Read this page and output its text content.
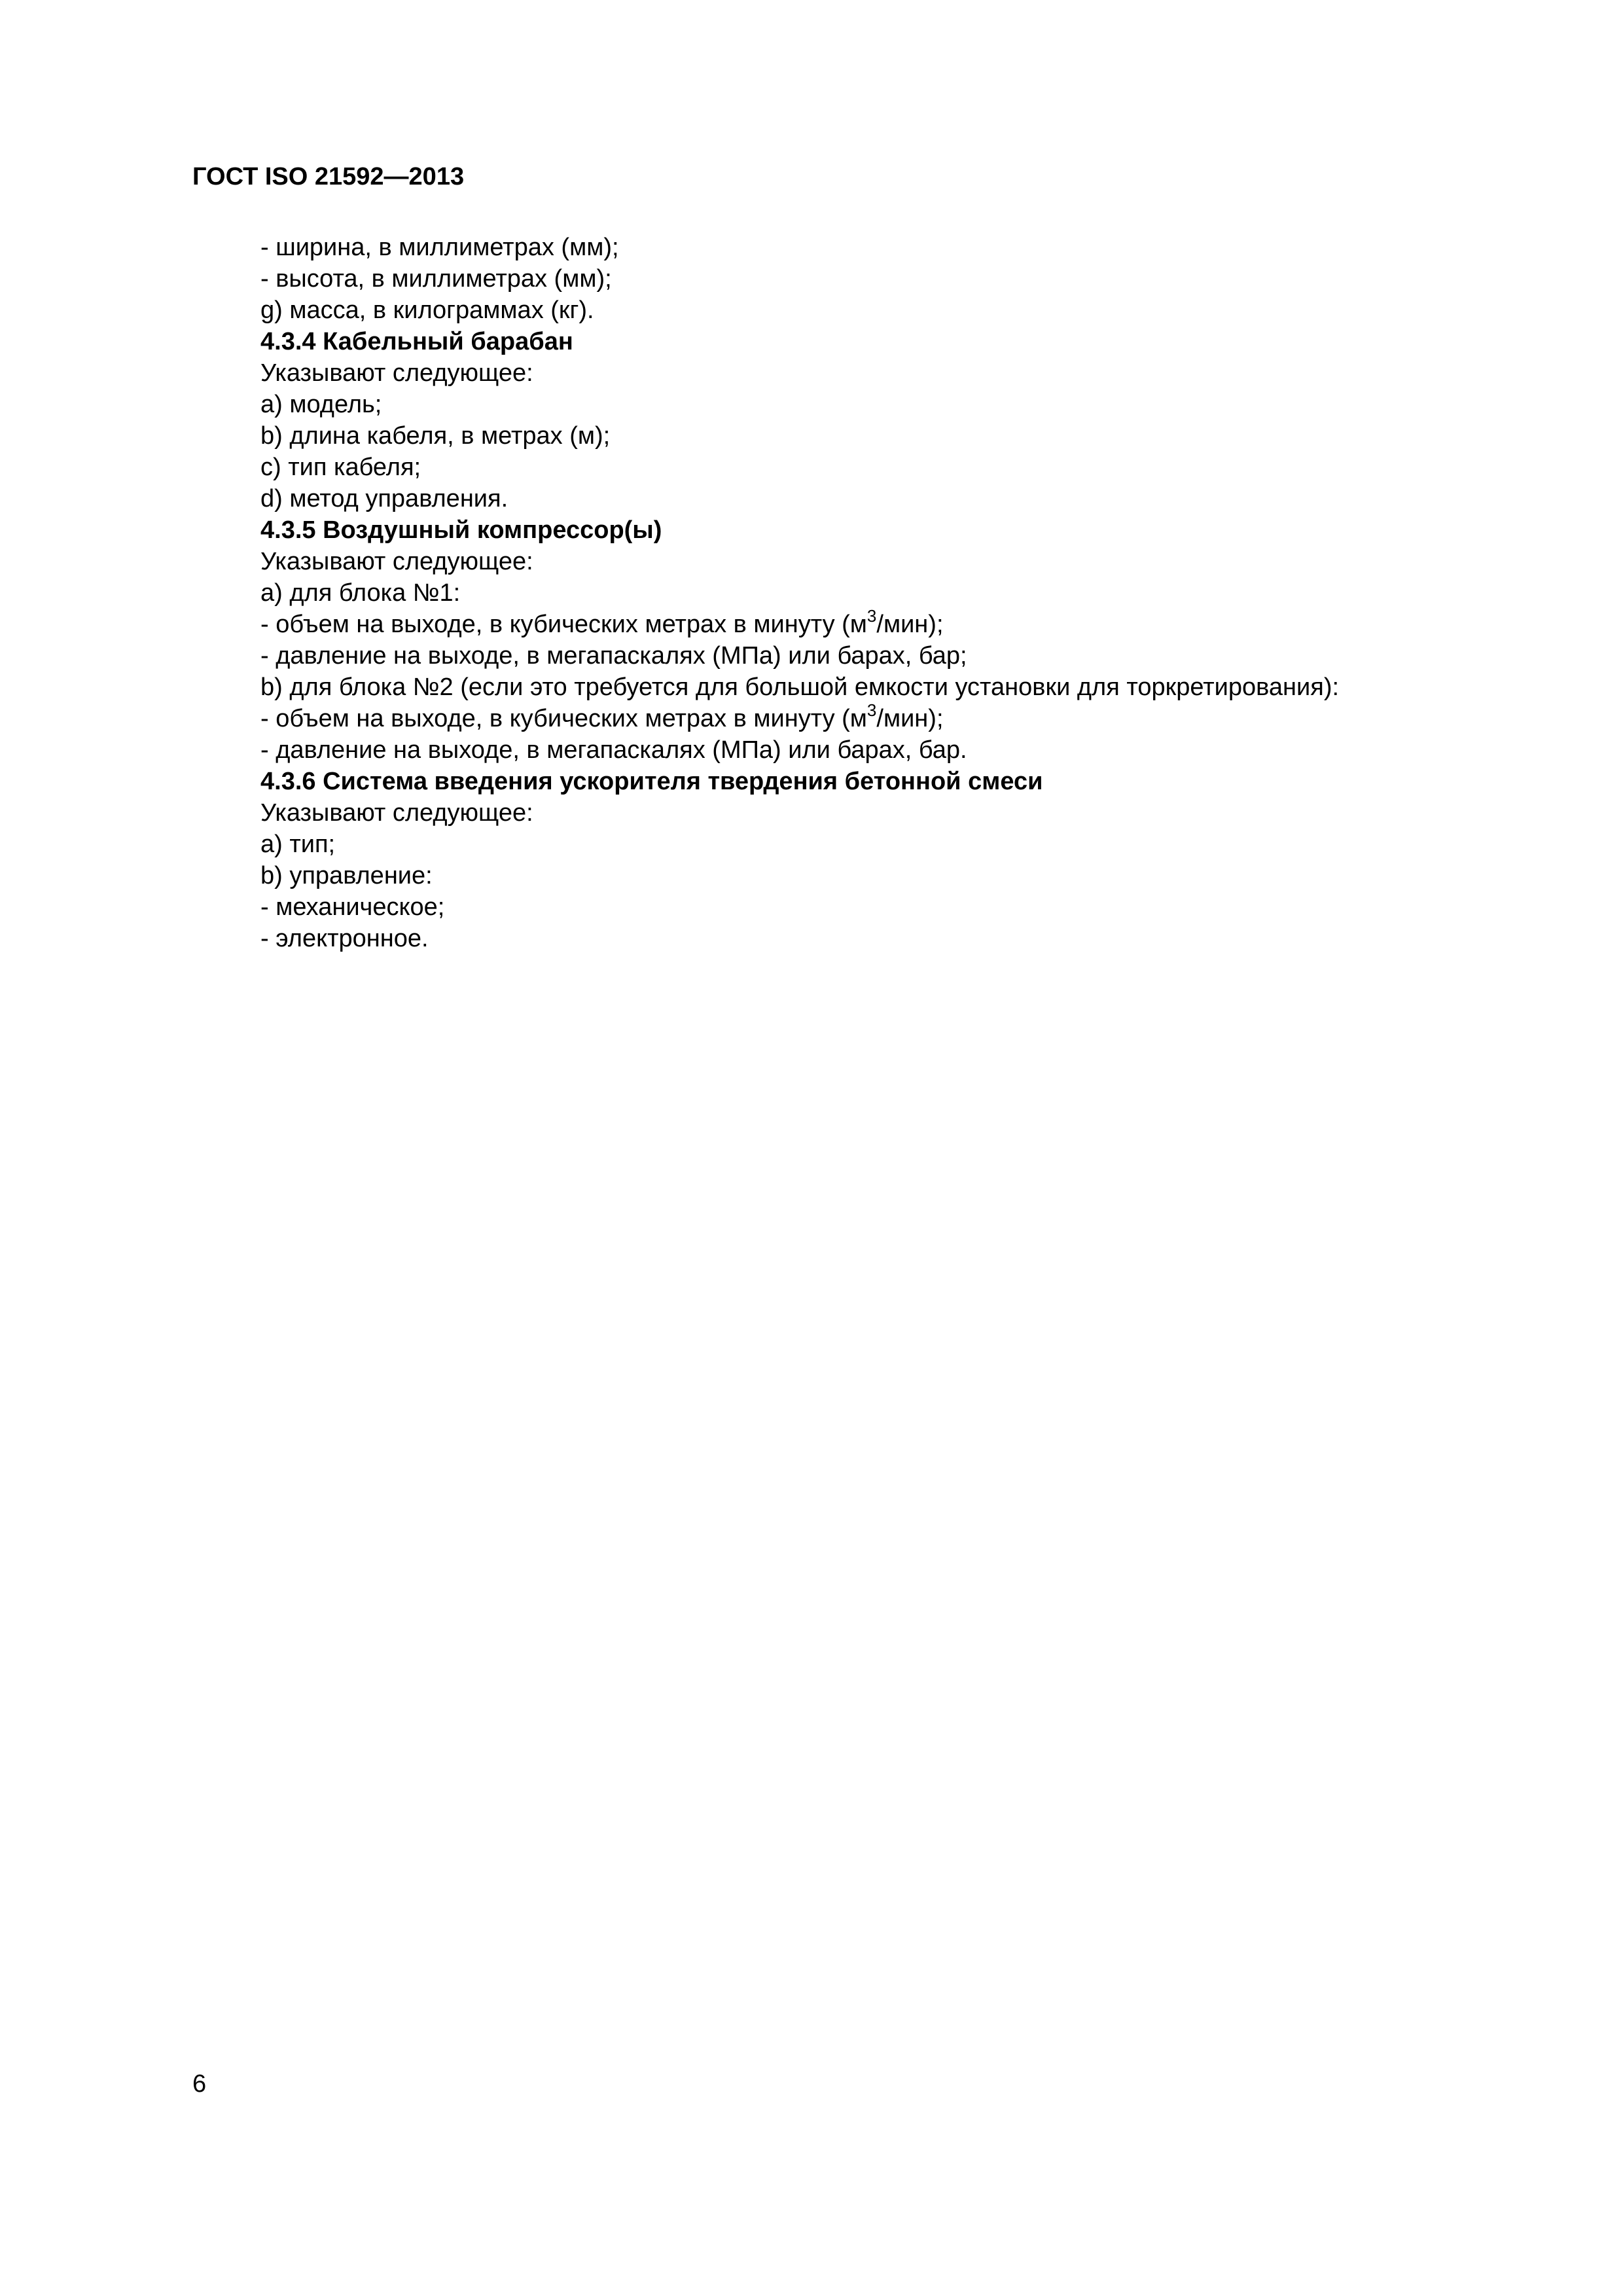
ГОСТ ISO 21592—2013
- ширина, в миллиметрах (мм);
- высота, в миллиметрах (мм);
g) масса, в килограммах (кг).
4.3.4 Кабельный барабан
Указывают следующее:
a) модель;
b) длина кабеля, в метрах (м);
c) тип кабеля;
d) метод управления.
4.3.5 Воздушный компрессор(ы)
Указывают следующее:
a) для блока №1:
- объем на выходе, в кубических метрах в минуту $(м^3/мин)$;
- давление на выходе, в мегапаскалях (МПа) или барах, бар;
b) для блока №2 (если это требуется для большой емкости установки для торкретирования):
- объем на выходе, в кубических метрах в минуту $(м^3/мин)$;
- давление на выходе, в мегапаскалях (МПа) или барах, бар.
4.3.6 Система введения ускорителя твердения бетонной смеси
Указывают следующее:
a) тип;
b) управление:
- механическое;
- электронное.
6
